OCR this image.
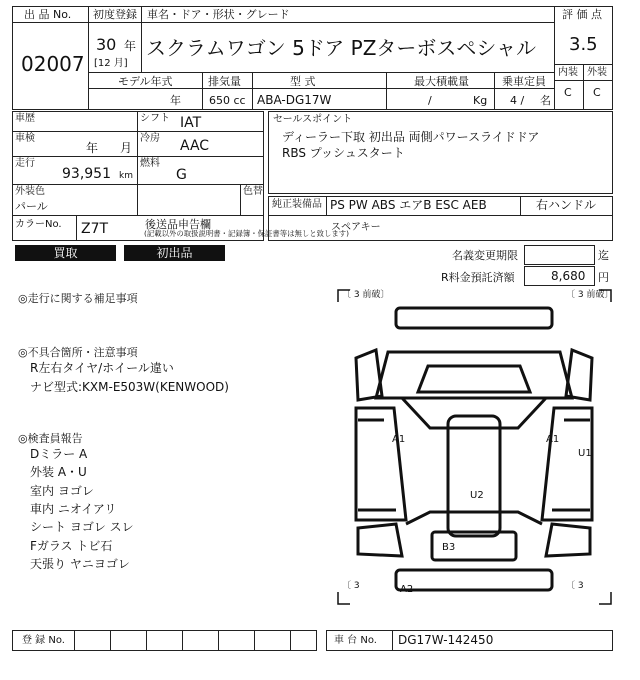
出 品 No.
02007
初度登録
30 年
[12 月]
車名・ドア・形状・グレード
スクラムワゴン 5ドア PZターボスペシャル
評 価 点
3.5
内装 外装
C C
モデル年式
年
排気量
650 cc
型 式
ABA-DG17W
最大積載量
/	Kg
乗車定員
4 / 名
車歴	シフト IAT
車検
年 月
冷房 AAC
走行
93,951 km
燃料
G
外装色
パール
色替
カラーNo. Z7T	後送品申告欄
(記載以外の取扱説明書・記録簿・保証書等は無しと致します)
セールスポイント
ディーラー下取 初出品 両側パワースライドドア
RBS プッシュスタート
純正装備品 PS PW ABS エアB ESC AEB	右ハンドル
スペアキー
買取	初出品	名義変更期限	迄
R料金預託済額	8,680 円
◎走行に関する補足事項
◎不具合箇所・注意事項
R左右タイヤ/ホイール違い
ナビ型式:KXM-E503W(KENWOOD)
◎検査員報告
Dミラー A
外装 A・U
室内 ヨゴレ
車内 ニオイアリ
シート ヨゴレ スレ
Fガラス トビ石
天張り ヤニヨゴレ
〔 3 前破〕	〔 3 前破〕
〔 3	〔 3
A1	A1
U1
U2
B3
A2
登 録 No.	車 台 No. DG17W-142450
